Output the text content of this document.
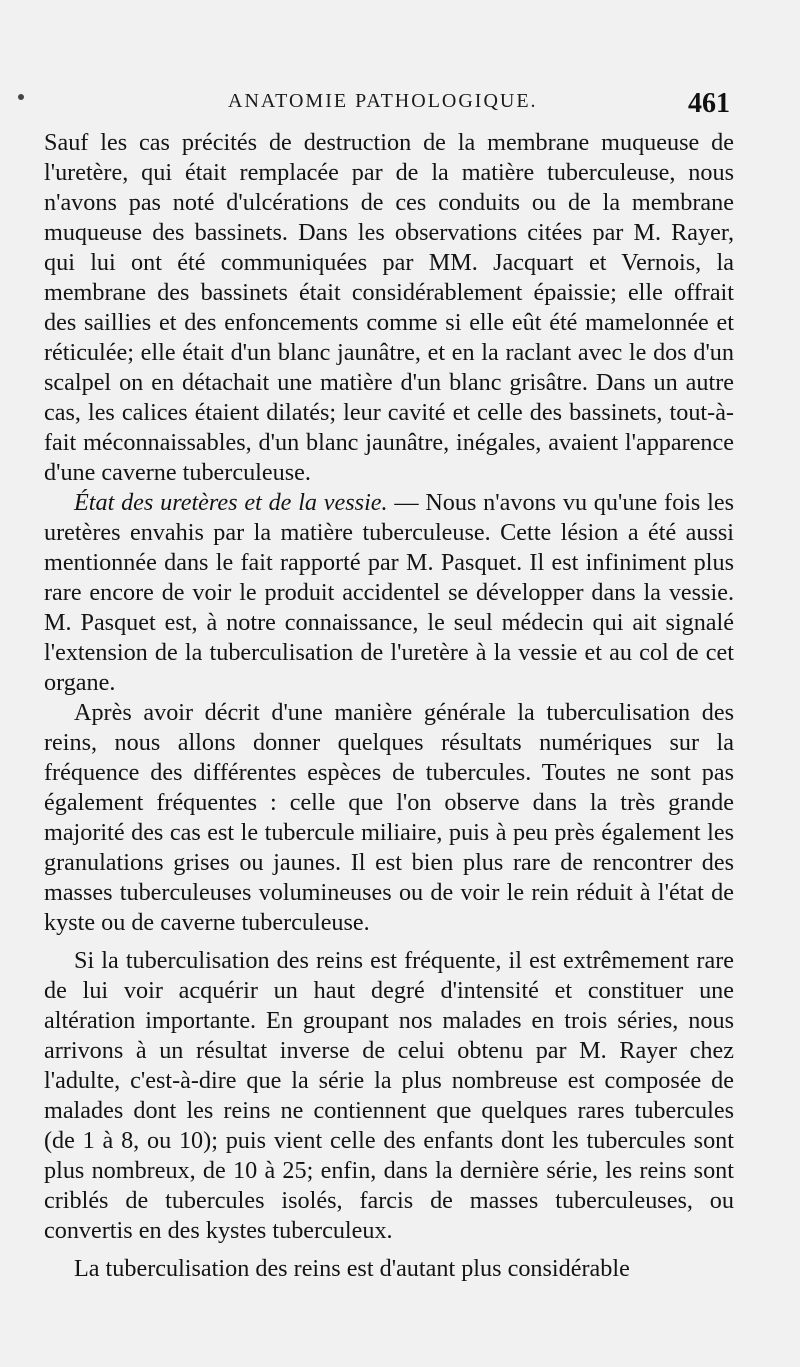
ANATOMIE PATHOLOGIQUE.	461

Sauf les cas précités de destruction de la membrane muqueuse de l'uretère, qui était remplacée par de la matière tuberculeuse, nous n'avons pas noté d'ulcérations de ces conduits ou de la membrane muqueuse des bassinets. Dans les observations citées par M. Rayer, qui lui ont été communiquées par MM. Jacquart et Vernois, la membrane des bassinets était considérablement épaissie; elle offrait des saillies et des enfoncements comme si elle eût été mamelonnée et réticulée; elle était d'un blanc jaunâtre, et en la raclant avec le dos d'un scalpel on en détachait une matière d'un blanc grisâtre. Dans un autre cas, les calices étaient dilatés; leur cavité et celle des bassinets, tout-à-fait méconnaissables, d'un blanc jaunâtre, inégales, avaient l'apparence d'une caverne tuberculeuse.

État des uretères et de la vessie. — Nous n'avons vu qu'une fois les uretères envahis par la matière tuberculeuse. Cette lésion a été aussi mentionnée dans le fait rapporté par M. Pasquet. Il est infiniment plus rare encore de voir le produit accidentel se développer dans la vessie. M. Pasquet est, à notre connaissance, le seul médecin qui ait signalé l'extension de la tuberculisation de l'uretère à la vessie et au col de cet organe.

Après avoir décrit d'une manière générale la tuberculisation des reins, nous allons donner quelques résultats numériques sur la fréquence des différentes espèces de tubercules. Toutes ne sont pas également fréquentes : celle que l'on observe dans la très grande majorité des cas est le tubercule miliaire, puis à peu près également les granulations grises ou jaunes. Il est bien plus rare de rencontrer des masses tuberculeuses volumineuses ou de voir le rein réduit à l'état de kyste ou de caverne tuberculeuse.

Si la tuberculisation des reins est fréquente, il est extrêmement rare de lui voir acquérir un haut degré d'intensité et constituer une altération importante. En groupant nos malades en trois séries, nous arrivons à un résultat inverse de celui obtenu par M. Rayer chez l'adulte, c'est-à-dire que la série la plus nombreuse est composée de malades dont les reins ne contiennent que quelques rares tubercules (de 1 à 8, ou 10); puis vient celle des enfants dont les tubercules sont plus nombreux, de 10 à 25; enfin, dans la dernière série, les reins sont criblés de tubercules isolés, farcis de masses tuberculeuses, ou convertis en des kystes tuberculeux.

La tuberculisation des reins est d'autant plus considérable
